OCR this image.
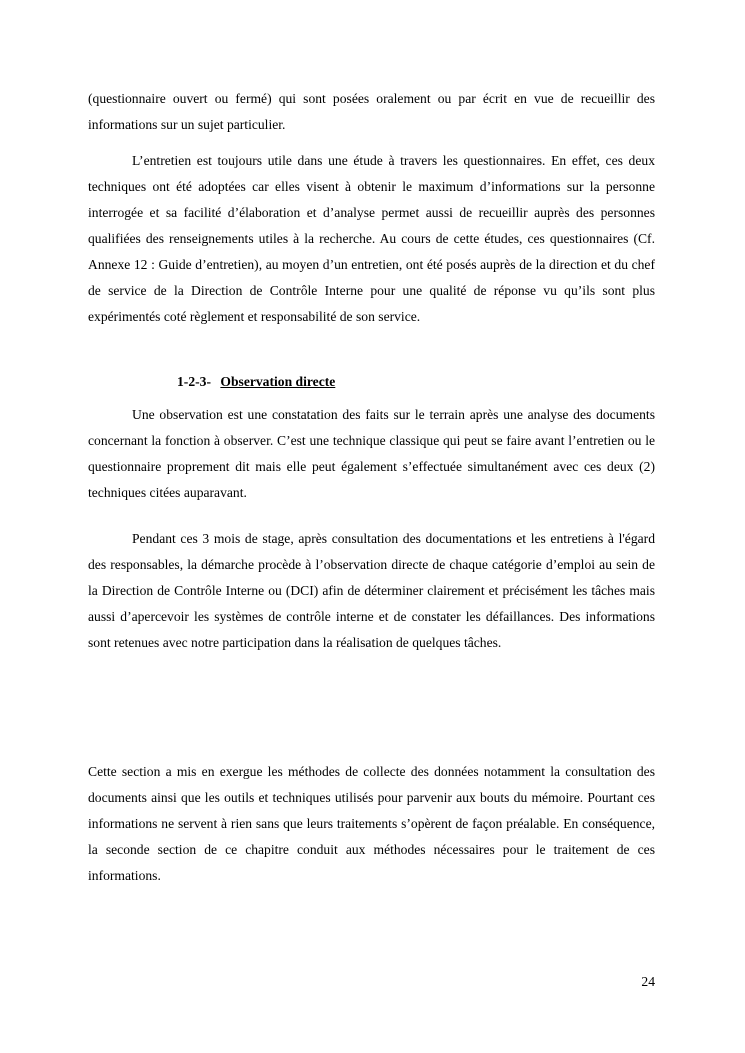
(questionnaire ouvert ou fermé) qui sont posées oralement ou par écrit en vue de recueillir des informations sur un sujet particulier.

L’entretien est toujours utile dans une étude à travers les questionnaires. En effet, ces deux techniques ont été adoptées car elles visent à obtenir le maximum d’informations sur la personne interrogée et sa facilité d’élaboration et d’analyse permet aussi de recueillir auprès des personnes qualifiées des renseignements utiles à la recherche. Au cours de cette études, ces questionnaires (Cf. Annexe 12 : Guide d’entretien), au moyen d’un entretien, ont été posés auprès de la direction et du chef de service de la Direction de Contrôle Interne pour une qualité de réponse vu qu’ils sont plus expérimentés coté règlement et responsabilité de son service.

1-2-3- Observation directe

Une observation est une constatation des faits sur le terrain après une analyse des documents concernant la fonction à observer. C’est une technique classique qui peut se faire avant l’entretien ou le questionnaire proprement dit mais elle peut également s’effectuée simultanément avec ces deux (2) techniques citées auparavant.

Pendant ces 3 mois de stage, après consultation des documentations et les entretiens à l'égard des responsables, la démarche procède à l’observation directe de chaque catégorie d’emploi au sein de la Direction de Contrôle Interne ou (DCI) afin de déterminer clairement et précisément les tâches mais aussi d’apercevoir les systèmes de contrôle interne et de constater les défaillances. Des informations sont retenues avec notre participation dans la réalisation de quelques tâches.

Cette section a mis en exergue les méthodes de collecte des données notamment la consultation des documents ainsi que les outils et techniques utilisés pour parvenir aux bouts du mémoire. Pourtant ces informations ne servent à rien sans que leurs traitements s’opèrent de façon préalable. En conséquence, la seconde section de ce chapitre conduit aux méthodes nécessaires pour le traitement de ces informations.

24
